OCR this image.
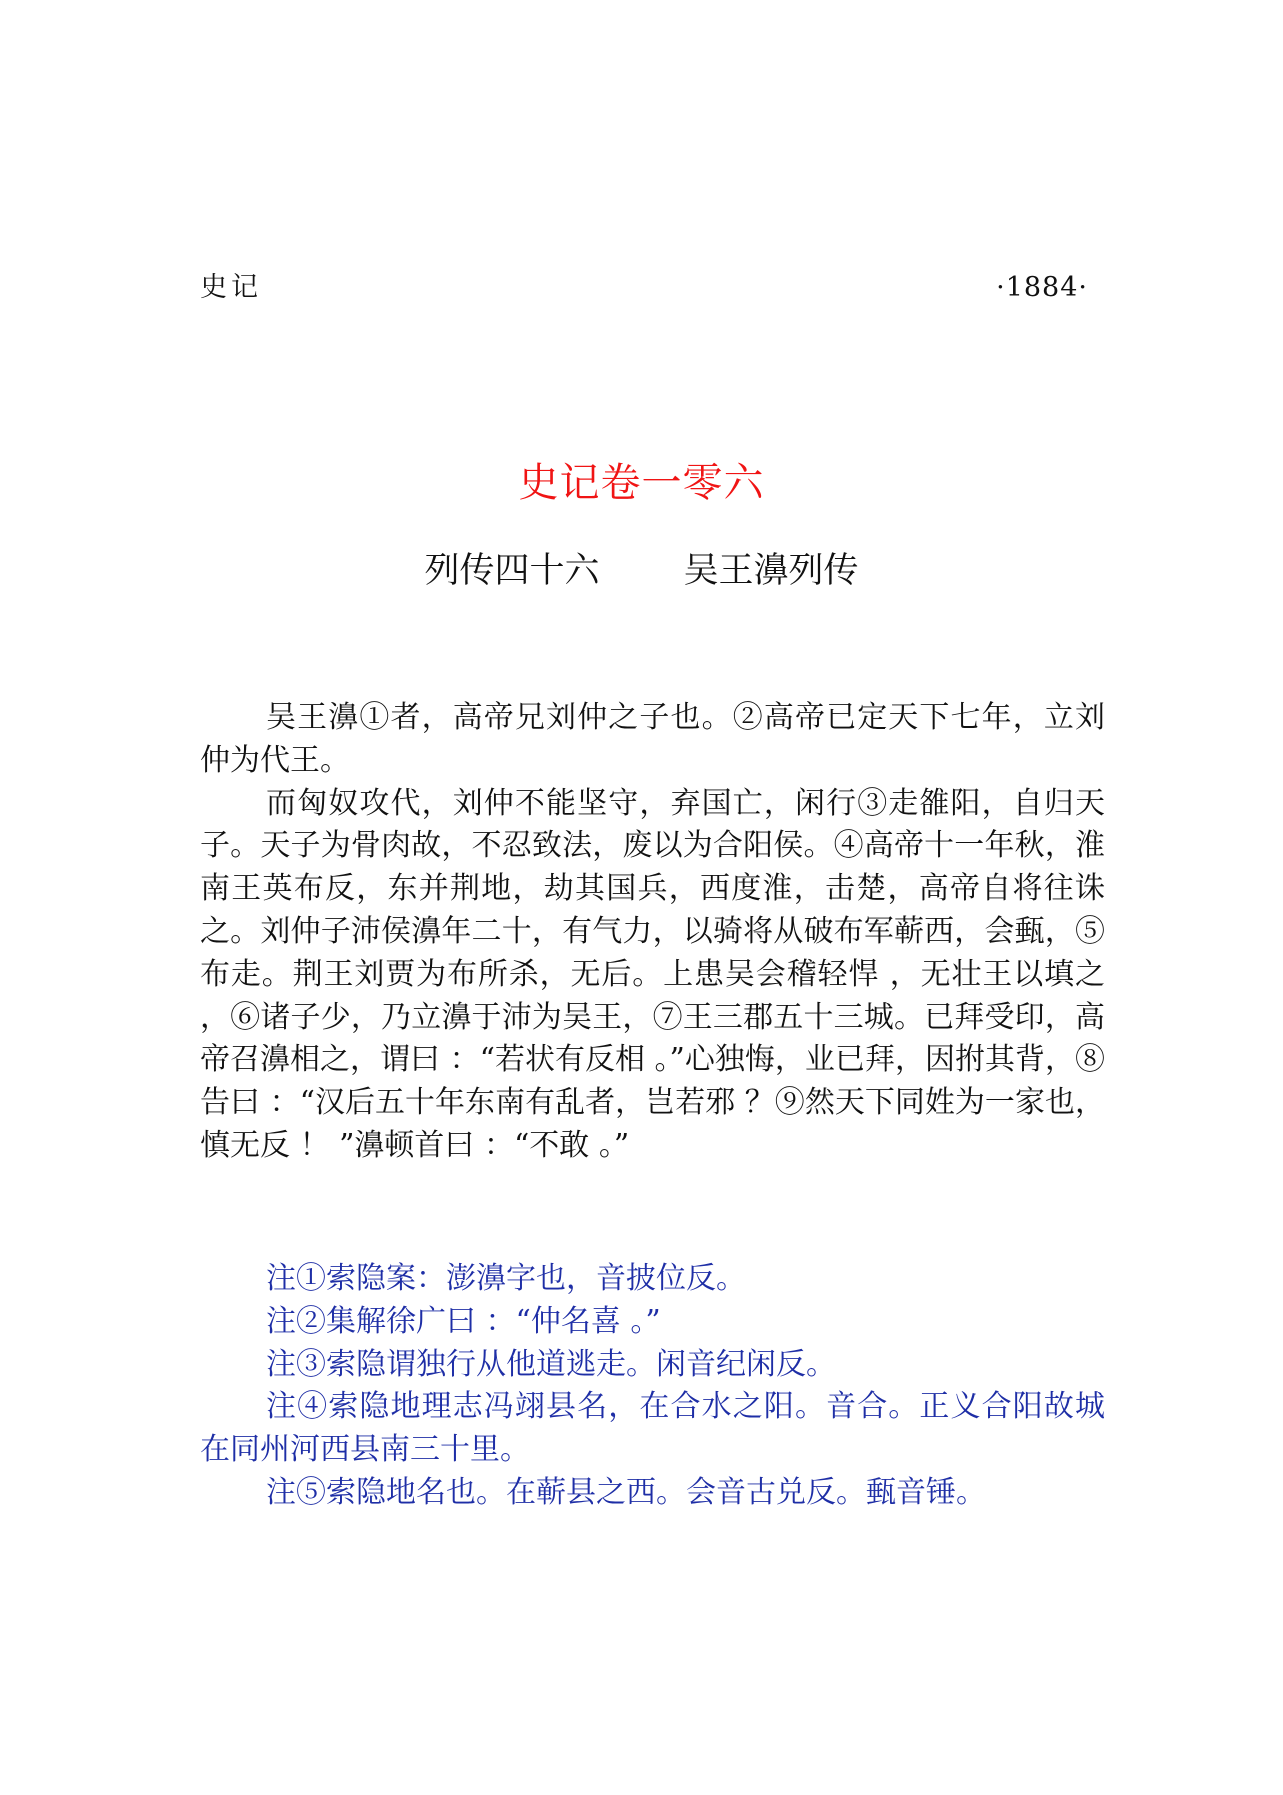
史记	·1884·
史记卷一零六
列传四十六 吴王濞列传

吴王濞①者，高帝兄刘仲之子也。②高帝已定天下七年，立刘仲为代王。

而匈奴攻代，刘仲不能坚守，弃国亡，闲行③走雒阳，自归天子。天子为骨肉故，不忍致法，废以为合阳侯。④高帝十一年秋，淮南王英布反，东并荆地，劫其国兵，西度淮，击楚，高帝自将往诛之。刘仲子沛侯濞年二十，有气力，以骑将从破布军蕲西，会甀，⑤布走。荆王刘贾为布所杀，无后。上患吴会稽轻悍 ，无壮王以填之 ，⑥诸子少，乃立濞于沛为吴王，⑦王三郡五十三城。已拜受印，高帝召濞相之，谓曰 ：“若状有反相 。”心独悔，业已拜，因拊其背，⑧告曰 ：“汉后五十年东南有乱者，岂若邪 ？⑨然天下同姓为一家也，慎无反 ！ ”濞顿首曰 ：“不敢 。”

注①索隐案：澎濞字也，音披位反。

注②集解徐广曰 ：“仲名喜 。”

注③索隐谓独行从他道逃走。闲音纪闲反。

注④索隐地理志冯翊县名，在合水之阳。音合。正义合阳故城在同州河西县南三十里。

注⑤索隐地名也。在蕲县之西。会音古兑反。甀音锤。
